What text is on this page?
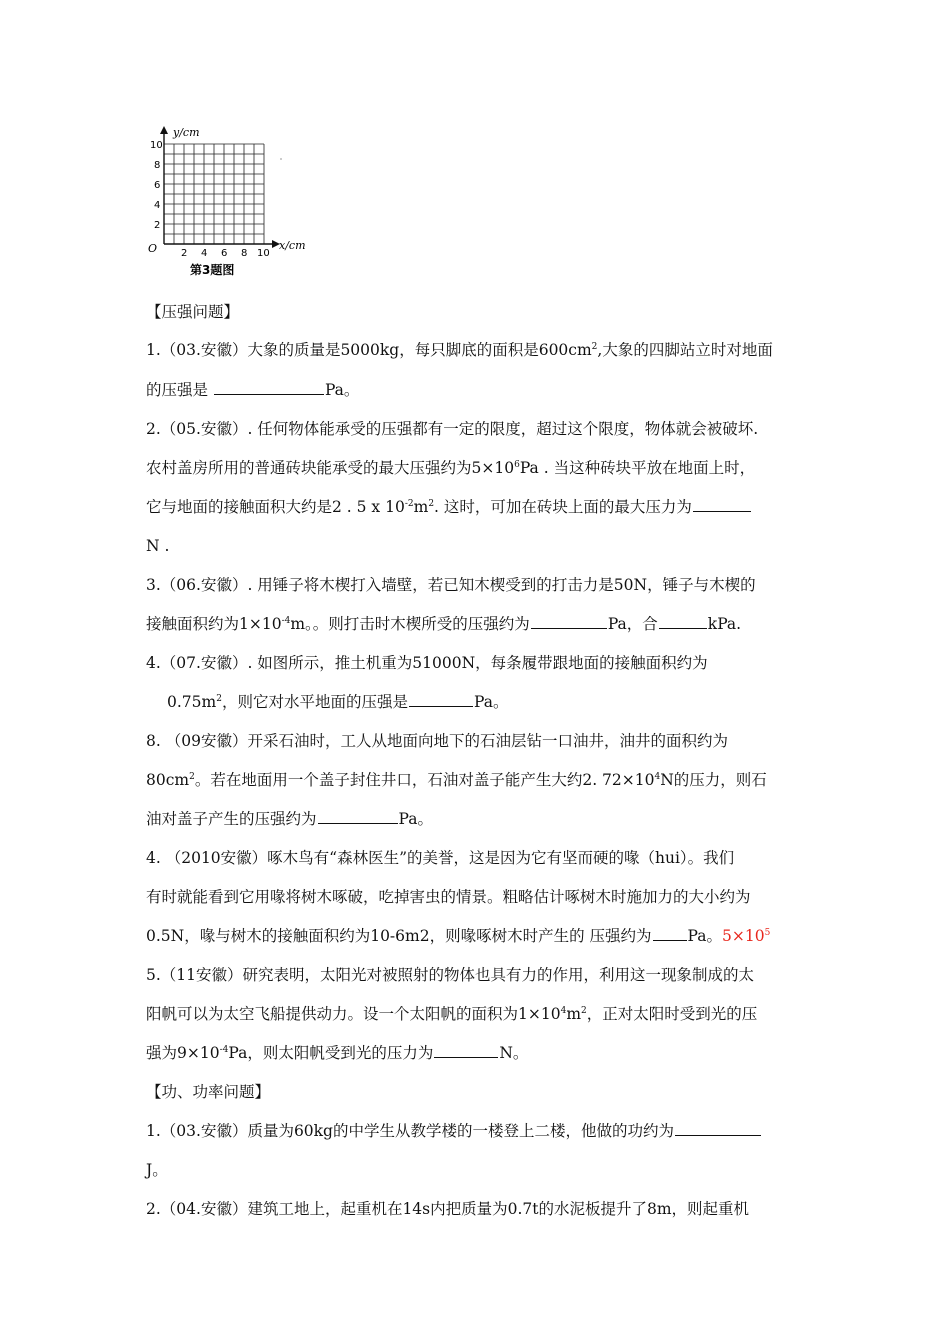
y/cm
x/cm
O
10
8
6
4
2
2 4 6 8 10
第3题图
【压强问题】
1.（03.安徽）大象的质量是5000kg，每只脚底的面积是$600cm^2$,大象的四脚站立时对地面
的压强是	Pa。
2.（05.安徽）. 任何物体能承受的压强都有一定的限度，超过这个限度，物体就会被破坏.
农村盖房所用的普通砖块能承受的最大压强约为$5\times 10^6Pa$ . 当这种砖块平放在地面上时，
它与地面的接触面积大约是2 . 5 x $10^{-2}m^2$. 这时，可加在砖块上面的最大压力为
N .
3.（06.安徽）. 用锤子将木楔打入墙壁，若已知木楔受到的打击力是50N，锤子与木楔的
接触面积约为$1\times 10^{-4}m$。。则打击时木楔所受的压强约为	Pa，合	kPa.
4.（07.安徽）. 如图所示，推土机重为51000N，每条履带跟地面的接触面积约为
$0.75m^2$，则它对水平地面的压强是	Pa。
8. （09安徽）开采石油时，工人从地面向地下的石油层钻一口油井，油井的面积约为
$80cm^2$。若在地面用一个盖子封住井口，石油对盖子能产生大约2. $72\times 10^4N$的压力，则石
油对盖子产生的压强约为	Pa。
4. （2010安徽）啄木鸟有“森林医生”的美誉，这是因为它有坚而硬的喙（hui）。我们
有时就能看到它用喙将树木啄破，吃掉害虫的情景。粗略估计啄树木时施加力的大小约为
0.5N，喙与树木的接触面积约为10-6m2，则喙啄树木时产生的 压强约为 Pa。$5\times 10^5$
5.（11安徽）研究表明，太阳光对被照射的物体也具有力的作用，利用这一现象制成的太
阳帆可以为太空飞船提供动力。设一个太阳帆的面积为$1\times 10^4m^2$，正对太阳时受到光的压
强为$9\times 10^{-4}Pa$，则太阳帆受到光的压力为	N。
【功、功率问题】
1.（03.安徽）质量为60kg的中学生从教学楼的一楼登上二楼，他做的功约为
J。
2.（04.安徽）建筑工地上，起重机在14s内把质量为0.7t的水泥板提升了8m，则起重机
